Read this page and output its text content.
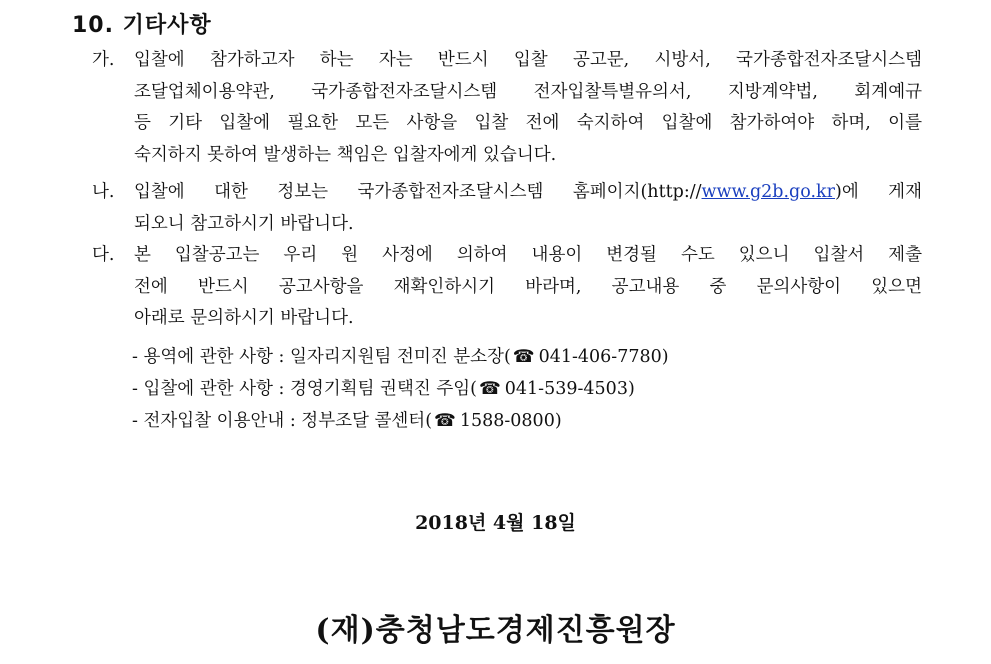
10. 기타사항
가. 입찰에 참가하고자 하는 자는 반드시 입찰 공고문, 시방서, 국가종합전자조달시스템
조달업체이용약관, 국가종합전자조달시스템 전자입찰특별유의서, 지방계약법, 회계예규
등 기타 입찰에 필요한 모든 사항을 입찰 전에 숙지하여 입찰에 참가하여야 하며, 이를
숙지하지 못하여 발생하는 책임은 입찰자에게 있습니다.
나. 입찰에 대한 정보는 국가종합전자조달시스템 홈페이지(http://www.g2b.go.kr)에 게재
되오니 참고하시기 바랍니다.
다. 본 입찰공고는 우리 원 사정에 의하여 내용이 변경될 수도 있으니 입찰서 제출
전에 반드시 공고사항을 재확인하시기 바라며, 공고내용 중 문의사항이 있으면
아래로 문의하시기 바랍니다.
- 용역에 관한 사항 : 일자리지원팀 전미진 분소장( ☎ 041-406-7780)
- 입찰에 관한 사항 : 경영기획팀 권택진 주임( ☎ 041-539-4503)
- 전자입찰 이용안내 : 정부조달 콜센터( ☎ 1588-0800)
2018년 4월 18일
(재)충청남도경제진흥원장
